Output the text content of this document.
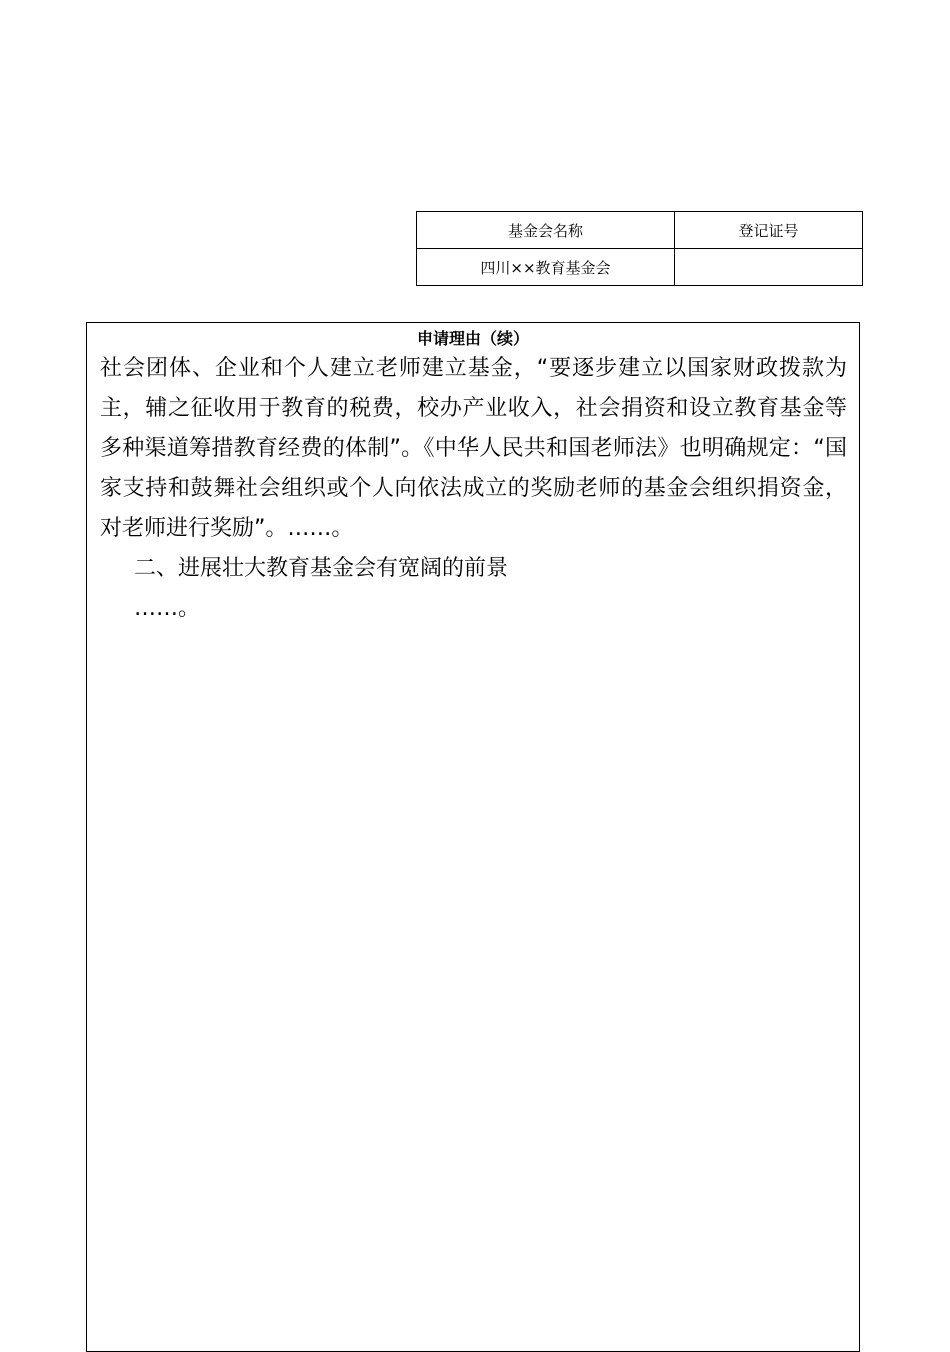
基金会名称	登记证号
四川××教育基金会	
申请理由（续）

社会团体、企业和个人建立老师建立基金，“要逐步建立以国家财政拨款为主，辅之征收用于教育的税费，校办产业收入，社会捐资和设立教育基金等多种渠道筹措教育经费的体制”。《中华人民共和国老师法》也明确规定：“国家支持和鼓舞社会组织或个人向依法成立的奖励老师的基金会组织捐资金，对老师进行奖励”。……。

二、进展壮大教育基金会有宽阔的前景

……。
